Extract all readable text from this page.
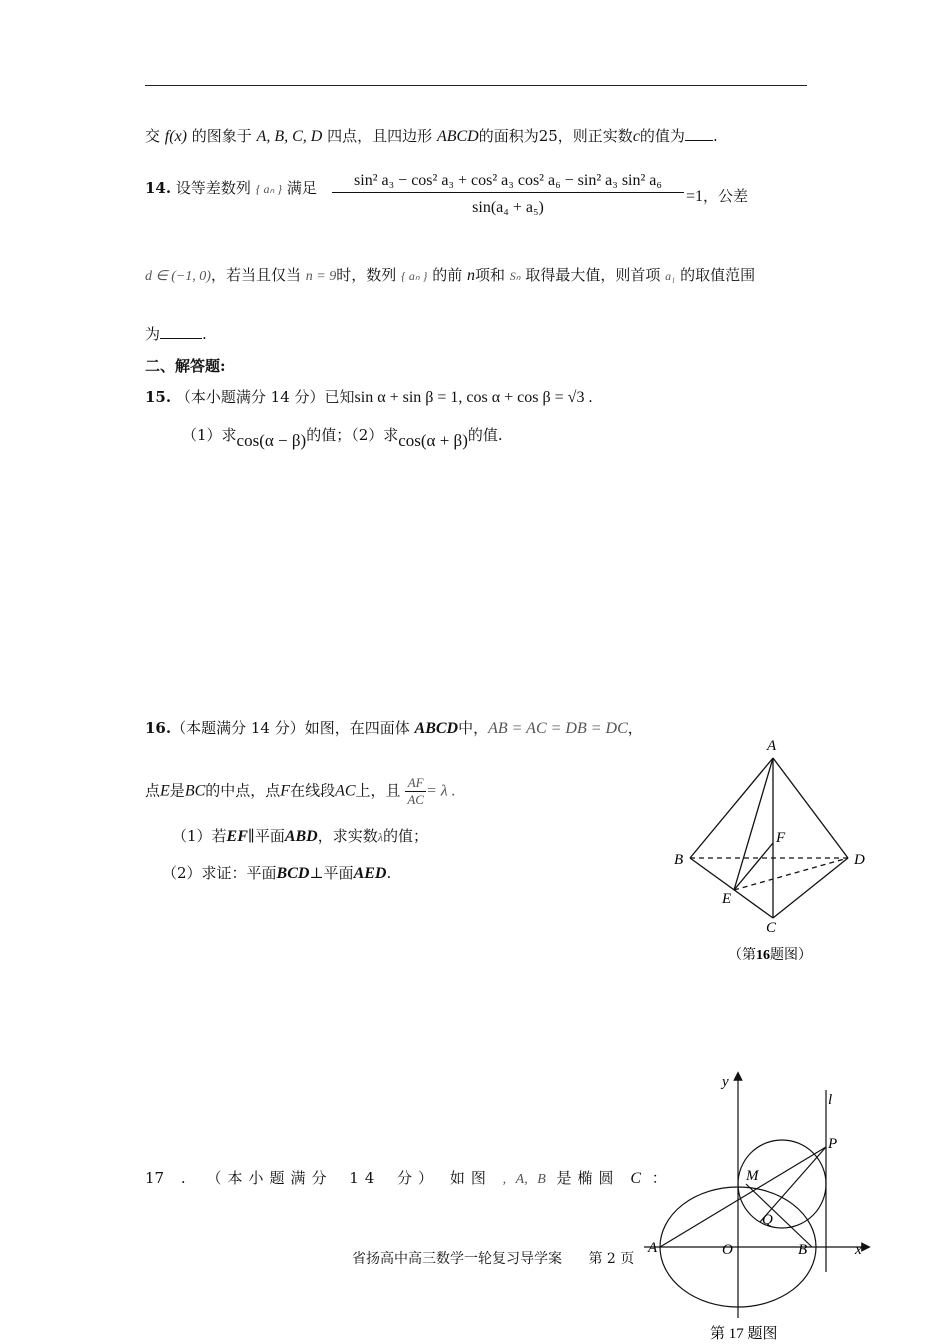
交 f(x) 的图象于 A, B, C, D 四点，且四边形 ABCD的面积为25，则正实数c的值为 .
14. 设等差数列 { aₙ } 满足	sin² a₃ − cos² a₃ + cos² a₃ cos² a₆ − sin² a₃ sin² a₆
sin(a₄ + a₅)
=1，公差
d ∈ (−1, 0)，若当且仅当 n = 9时，数列 { aₙ } 的前 n项和 Sₙ 取得最大值，则首项 a₁ 的取值范围
为	.
二、解答题:
15. （本小题满分 14 分）已知sin α + sin β = 1, cos α + cos β = √3 .
（1）求cos(α − β)的值；（2）求cos(α + β)的值.
16.（本题满分 14 分）如图，在四面体 ABCD中，AB = AC = DB = DC，
点E是BC的中点，点F在线段AC上，且 $\frac{AF}{AC} = \lambda$ .
（1）若EF∥平面ABD，求实数λ的值；
（2）求证：平面BCD⊥平面AED.
A
B	D
C
E
F
（第16题图）
17 . （本小题满分 14 分） 如图 , A, B 是椭圆 C ：
y
x
l
P
M
Q
A	O	B
第 17 题图
省扬高中高三数学一轮复习导学案 第 2 页
